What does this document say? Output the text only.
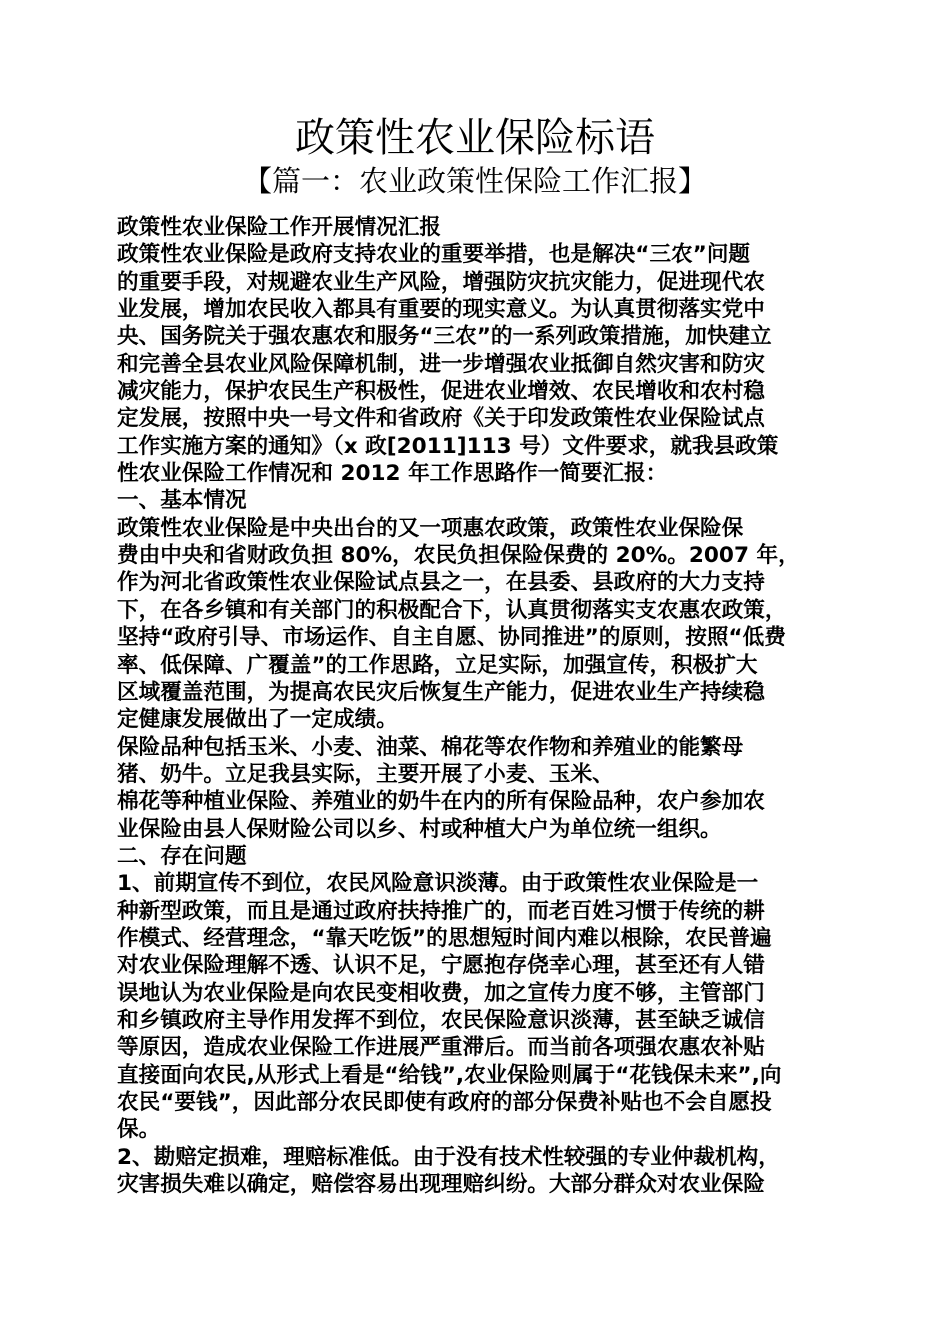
政策性农业保险标语
【篇一：农业政策性保险工作汇报】
政策性农业保险工作开展情况汇报
政策性农业保险是政府支持农业的重要举措，也是解决“三农”问题
的重要手段，对规避农业生产风险，增强防灾抗灾能力，促进现代农
业发展，增加农民收入都具有重要的现实意义。为认真贯彻落实党中
央、国务院关于强农惠农和服务“三农”的一系列政策措施，加快建立
和完善全县农业风险保障机制，进一步增强农业抵御自然灾害和防灾
减灾能力，保护农民生产积极性，促进农业增效、农民增收和农村稳
定发展，按照中央一号文件和省政府《关于印发政策性农业保险试点
工作实施方案的通知》（x 政[2011]113 号）文件要求，就我县政策
性农业保险工作情况和 2012 年工作思路作一简要汇报：
一、基本情况
政策性农业保险是中央出台的又一项惠农政策，政策性农业保险保
费由中央和省财政负担 80%，农民负担保险保费的 20%。2007 年，
作为河北省政策性农业保险试点县之一，在县委、县政府的大力支持
下，在各乡镇和有关部门的积极配合下，认真贯彻落实支农惠农政策，
坚持“政府引导、市场运作、自主自愿、协同推进”的原则，按照“低费
率、低保障、广覆盖”的工作思路，立足实际，加强宣传，积极扩大
区域覆盖范围，为提高农民灾后恢复生产能力，促进农业生产持续稳
定健康发展做出了一定成绩。
保险品种包括玉米、小麦、油菜、棉花等农作物和养殖业的能繁母
猪、奶牛。立足我县实际，主要开展了小麦、玉米、
棉花等种植业保险、养殖业的奶牛在内的所有保险品种，农户参加农
业保险由县人保财险公司以乡、村或种植大户为单位统一组织。
二、存在问题
1、前期宣传不到位，农民风险意识淡薄。由于政策性农业保险是一
种新型政策，而且是通过政府扶持推广的，而老百姓习惯于传统的耕
作模式、经营理念，“靠天吃饭”的思想短时间内难以根除，农民普遍
对农业保险理解不透、认识不足，宁愿抱存侥幸心理，甚至还有人错
误地认为农业保险是向农民变相收费，加之宣传力度不够，主管部门
和乡镇政府主导作用发挥不到位，农民保险意识淡薄，甚至缺乏诚信
等原因，造成农业保险工作进展严重滞后。而当前各项强农惠农补贴
直接面向农民,从形式上看是“给钱”,农业保险则属于“花钱保未来”,向
农民“要钱”，因此部分农民即使有政府的部分保费补贴也不会自愿投
保。
2、勘赔定损难，理赔标准低。由于没有技术性较强的专业仲裁机构，
灾害损失难以确定，赔偿容易出现理赔纠纷。大部分群众对农业保险
